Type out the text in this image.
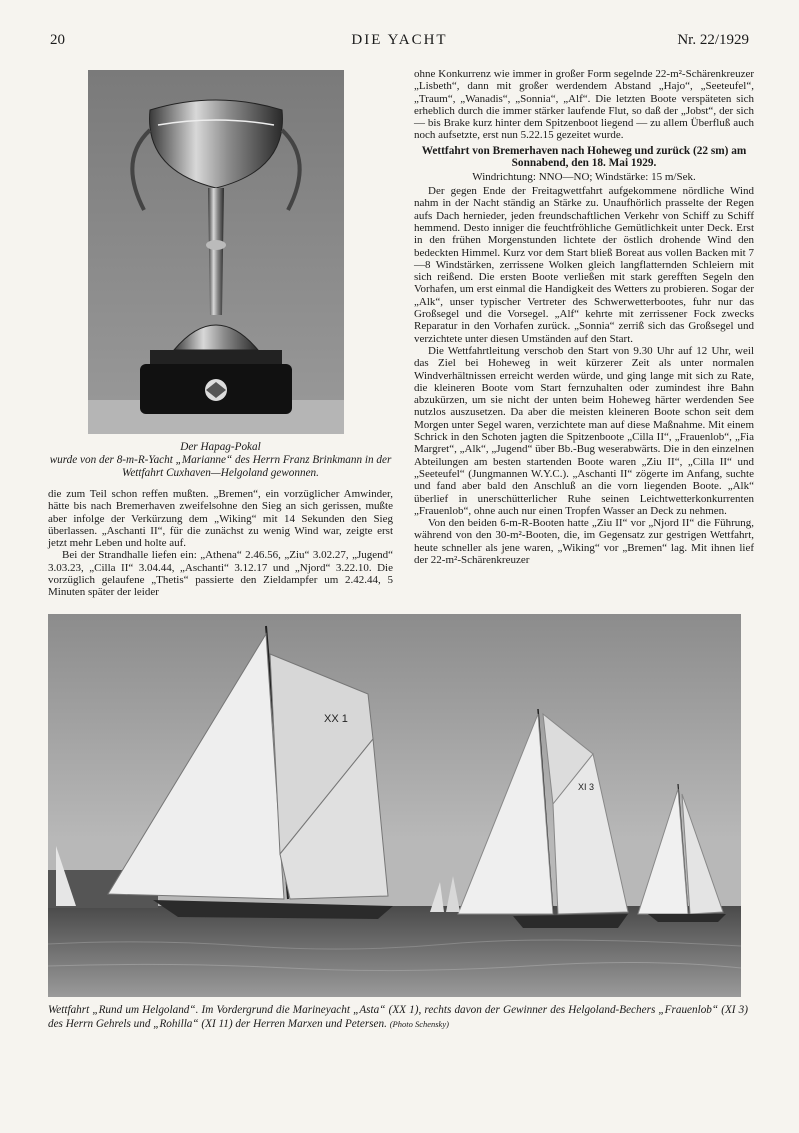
20	DIE YACHT	Nr. 22/1929
Der Hapag-Pokal
wurde von der 8-m-R-Yacht „Marianne“ des Herrn Franz Brinkmann in der Wettfahrt Cuxhaven—Helgoland gewonnen.

die zum Teil schon reffen mußten. „Bremen“, ein vorzüglicher Amwinder, hätte bis nach Bremerhaven zweifelsohne den Sieg an sich gerissen, mußte aber infolge der Verkürzung dem „Wiking“ mit 14 Sekunden den Sieg überlassen. „Aschanti II“, für die zunächst zu wenig Wind war, zeigte erst jetzt mehr Leben und holte auf.

Bei der Strandhalle liefen ein: „Athena“ 2.46.56, „Ziu“ 3.02.27, „Jugend“ 3.03.23, „Cilla II“ 3.04.44, „Aschanti“ 3.12.17 und „Njord“ 3.22.10. Die vorzüglich gelaufene „Thetis“ passierte den Zieldampfer um 2.42.44, 5 Minuten später der leider

ohne Konkurrenz wie immer in großer Form segelnde 22-m²-Schärenkreuzer „Lisbeth“, dann mit großer werdendem Abstand „Hajo“, „Seeteufel“, „Traum“, „Wanadis“, „Sonnia“, „Alf“. Die letzten Boote verspäteten sich erheblich durch die immer stärker laufende Flut, so daß der „Jobst“, der sich — bis Brake kurz hinter dem Spitzenboot liegend — zu allem Überfluß auch noch aufsetzte, erst nun 5.22.15 gezeitet wurde.

Wettfahrt von Bremerhaven nach Hoheweg und zurück (22 sm) am Sonnabend, den 18. Mai 1929.

Windrichtung: NNO—NO; Windstärke: 15 m/Sek.

Der gegen Ende der Freitagwettfahrt aufgekommene nördliche Wind nahm in der Nacht ständig an Stärke zu. Unaufhörlich prasselte der Regen aufs Dach hernieder, jeden freundschaftlichen Verkehr von Schiff zu Schiff hemmend. Desto inniger die feuchtfröhliche Gemütlichkeit unter Deck. Erst in den frühen Morgenstunden lichtete der östlich drohende Wind den bedeckten Himmel. Kurz vor dem Start bließ Boreat aus vollen Backen mit 7—8 Windstärken, zerrissene Wolken gleich langflatternden Schleiern mit sich reißend. Die ersten Boote verließen mit stark gerefften Segeln den Vorhafen, um erst einmal die Handigkeit des Wetters zu probieren. Sogar der „Alk“, unser typischer Vertreter des Schwerwetterbootes, fuhr nur das Großsegel und die Vorsegel. „Alf“ kehrte mit zerrissener Fock zwecks Reparatur in den Vorhafen zurück. „Sonnia“ zerriß sich das Großsegel und verzichtete unter diesen Umständen auf den Start.

Die Wettfahrtleitung verschob den Start von 9.30 Uhr auf 12 Uhr, weil das Ziel bei Hoheweg in weit kürzerer Zeit als unter normalen Windverhältnissen erreicht werden würde, und ging lange mit sich zu Rate, die kleineren Boote vom Start fernzuhalten oder zumindest ihre Bahn abzukürzen, um sie nicht der unten beim Hoheweg härter werdenden See nutzlos auszusetzen. Da aber die meisten kleineren Boote schon seit dem Morgen unter Segel waren, verzichtete man auf diese Maßnahme. Mit einem Schrick in den Schoten jagten die Spitzenboote „Cilla II“, „Frauenlob“, „Fia Margret“, „Alk“, „Jugend“ über Bb.-Bug weserabwärts. Die in den einzelnen Abteilungen am besten startenden Boote waren „Ziu II“, „Cilla II“ und „Seeteufel“ (Jungmannen W.Y.C.). „Aschanti II“ zögerte im Anfang, suchte und fand aber bald den Anschluß an die vorn liegenden Boote. „Alk“ überlief in unerschütterlicher Ruhe seinen Leichtwetterkonkurrenten „Frauenlob“, ohne auch nur einen Tropfen Wasser an Deck zu nehmen.

Von den beiden 6-m-R-Booten hatte „Ziu II“ vor „Njord II“ die Führung, während von den 30-m²-Booten, die, im Gegensatz zur gestrigen Wettfahrt, heute schneller als jene waren, „Wiking“ vor „Bremen“ lag. Mit ihnen lief der 22-m²-Schärenkreuzer

XX 1
XI 3
Wettfahrt „Rund um Helgoland“. Im Vordergrund die Marineyacht „Asta“ (XX 1), rechts davon der Gewinner des Helgoland-Bechers „Frauenlob“ (XI 3) des Herrn Gehrels und „Rohilla“ (XI 11) der Herren Marxen und Petersen. (Photo Schensky)
